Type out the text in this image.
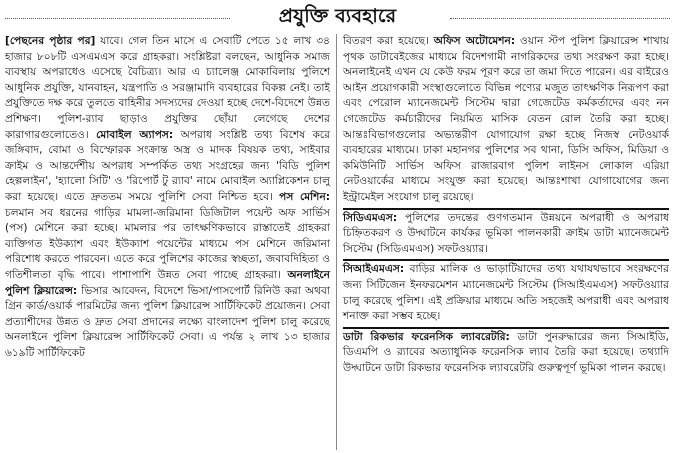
প্রযুক্তি ব্যবহারে

[পেছনের পৃষ্ঠার পর] যাবে। গেল তিন মাসে এ সেবাটি পেতে ১৫ লাখ ৩৪ হাজার ৮০৮টি এসএমএস করে গ্রাহকরা। সংশ্লিষ্টরা বলছেন, আধুনিক সমাজ ব্যবস্থায় অপরাধেও এসেছে বৈচিত্র্য। আর এ চ্যালেঞ্জ মোকাবিলায় পুলিশে আধুনিক প্রযুক্তি, যানবাহন, যন্ত্রপাতি ও সরঞ্জামাদি ব্যবহারের বিকল্প নেই। তাই প্রযুক্তিতে দক্ষ করে তুলতে বাহিনীর সদস্যদের দেওয়া হচ্ছে দেশে-বিদেশে উন্নত প্রশিক্ষণ। পুলিশ-র‌্যাব ছাড়াও প্রযুক্তির ছোঁয়া লেগেছে দেশের কারাগারগুলোতেও। মোবাইল অ্যাপস: অপরাধ সংশ্লিষ্ট তথ্য বিশেষ করে জঙ্গিবাদ, বোমা ও বিস্ফোরক সংক্রান্ত অস্ত্র ও মাদক বিষয়ক তথ্য, সাইবার ক্রাইম ও আন্তর্দেশীয় অপরাধ সম্পর্কিত তথ্য সংগ্রহের জন্য 'বিডি পুলিশ হেল্পলাইন', 'হ্যালো সিটি' ও 'রিপোর্ট টু র‌্যাব' নামে মোবাইল অ্যাপ্লিকেশন চালু করা হয়েছে। এতে দ্রুততম সময়ে পুলিশি সেবা নিশ্চিত হবে। পস মেশিন: চলমান সব ধরনের গাড়ির মামলা-জরিমানা ডিজিটাল পয়েন্ট অফ সার্ভিস (পস) মেশিনে করা হচ্ছে। মামলার পর তাৎক্ষণিকভাবে রাস্তাতেই গ্রাহকরা ব্যক্তিগত ইউক্যাশ এবং ইউক্যাশ পয়েন্টের মাধ্যমে পস মেশিনে জরিমানা পরিশোধ করতে পারবেন। এতে করে পুলিশের কাজের স্বচ্ছতা, জবাবদিহিতা ও গতিশীলতা বৃদ্ধি পাবে। পাশাপাশি উন্নত সেবা পাচ্ছে গ্রাহকরা। অনলাইনে পুলিশ ক্লিয়ারেন্স: ভিসার আবেদন, বিদেশে ভিসা/পাসপোর্ট রিনিউ করা অথবা গ্রিন কার্ড/ওয়ার্ক পারমিটের জন্য পুলিশ ক্লিয়ারেন্স সার্টিফিকেট প্রয়োজন। সেবা প্রত্যাশীদের উন্নত ও দ্রুত সেবা প্রদানের লক্ষ্যে বাংলাদেশ পুলিশ চালু করেছে অনলাইনে পুলিশ ক্লিয়ারেন্স সার্টিফিকেট সেবা। এ পর্যন্ত ২ লাখ ১৩ হাজার ৬১৯টি সার্টিফিকেট

বিতরণ করা হয়েছে। অফিস অটোমেশন: ওয়ান স্টপ পুলিশ ক্লিয়ারেন্স শাখায় পৃথক ডাটাবেইজের মাধ্যমে বিদেশগামী নাগরিকদের তথ্য সংরক্ষণ করা হচ্ছে। অনলাইনেই এখন যে কেউ ফরম পূরণ করে তা জমা দিতে পারেন। এর বাইরেও আইন প্রয়োগকারী সংস্থাগুলোতে বিভিন্ন পণ্যের মজুত তাৎক্ষণিক নিরূপণ করা এবং পেরোল ম্যানেজমেন্ট সিস্টেম দ্বারা গেজেটেড কর্মকর্তাদের এবং নন গেজেটেড কর্মচারীদের নিয়মিত মাসিক বেতন রোল তৈরি করা হচ্ছে। আন্তঃবিভাগগুলোর অভ্যন্তরীণ যোগাযোগ রক্ষা হচ্ছে নিজস্ব নেটওয়ার্ক ব্যবহারের মাধ্যমে। ঢাকা মহানগর পুলিশের সব থানা, ডিসি অফিস, মিডিয়া ও কমিউনিটি সার্ভিস অফিস রাজারবাগ পুলিশ লাইনস লোকাল এরিয়া নেটওয়ার্কের মাধ্যমে সংযুক্ত করা হয়েছে। আন্তঃশাখা যোগাযোগের জন্য ইন্ট্রামেইল সংযোগ চালু রয়েছে।

সিডিএমএস: পুলিশের তদন্তের গুণগতমান উন্নয়নে অপরাধী ও অপরাধ চিহ্নিতকরণ ও উদ্ঘাটনে কার্যকর ভূমিকা পালনকারী ক্রাইম ডাটা ম্যানেজমেন্ট সিস্টেম (সিডিএমএস) সফটওয়্যার।

সিআইএমএস: বাড়ির মালিক ও ভাড়াটিয়াদের তথ্য যথাযথভাবে সংরক্ষণের জন্য সিটিজেন ইনফরমেশন ম্যানেজমেন্ট সিস্টেম (সিআইএমএস) সফটওয়্যার চালু করেছে পুলিশ। এই প্রক্রিয়ার মাধ্যমে অতি সহজেই অপরাধী এবং অপরাধ শনাক্ত করা সম্ভব হচ্ছে।

ডাটা রিকভার ফরেনসিক ল্যাবরেটরি: ডাটা পুনরুদ্ধারের জন্য সিআইডি, ডিএমপি ও র‌্যাবের অত্যাধুনিক ফরেনসিক ল্যাব তৈরি করা হয়েছে। তথ্যাদি উদ্ঘাটনে ডাটা রিকভার ফরেনসিক ল্যাবরেটরি গুরুত্বপূর্ণ ভূমিকা পালন করছে।
